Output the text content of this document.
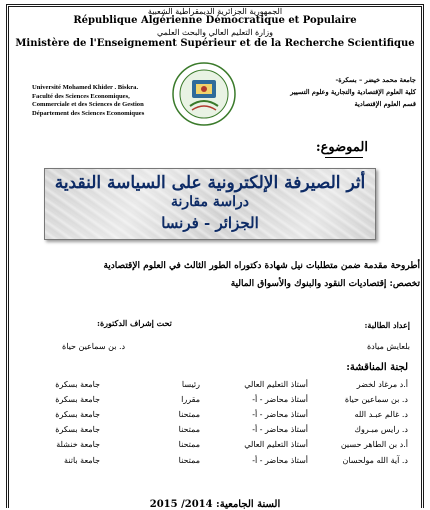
الجمهورية الجزائرية الديمقراطية الشعبية
République Algérienne Démocratique et Populaire
وزارة التعليم العالي والبحث العلمي
Ministère de l'Enseignement Supérieur et de la Recherche Scientifique
Université Mohamed Khider . Biskra.
Faculté des Sciences Economiques,
Commerciale et des Sciences de Gestion
Département des Sciences Economiques
جامعة محمد خيضر – بسكرة-
كلية العلوم الإقتصادية والتجارية وعلوم التسيير
قسم العلوم الإقتصادية
الموضوع:
أثر الصيرفة الإلكترونية على السياسة النقدية
دراسة مقارنة
الجزائر - فرنسا
أطروحة مقدمة ضمن متطلبات نيل شهادة دكتوراه الطور الثالث في العلوم الإقتصادية
تخصص: إقتصاديات النقود والبنوك والأسواق المالية
إعداد الطالبة:
تحت إشراف الدكتورة:
بلعايش ميادة
د. بن سماعين حياة
لجنة المناقشة:
أ.د مرغاد لخضر
أستاذ التعليم العالي
رئيسا
جامعة بسكرة
د. بن سماعين حياة
أستاذ محاضر - أ-
مقررا
جامعة بسكرة
د. غالم عبـد الله
أستاذ محاضر - أ-
ممتحنا
جامعة بسكرة
د. رايس مبـروك
أستاذ محاضر - أ-
ممتحنا
جامعة بسكرة
أ.د بن الطاهر حسين
أستاذ التعليم العالي
ممتحنا
جامعة خنشلة
د. آية الله مولحسان
أستاذ محاضر - أ-
ممتحنا
جامعة باتنة
السنة الجامعية: 2014/ 2015
